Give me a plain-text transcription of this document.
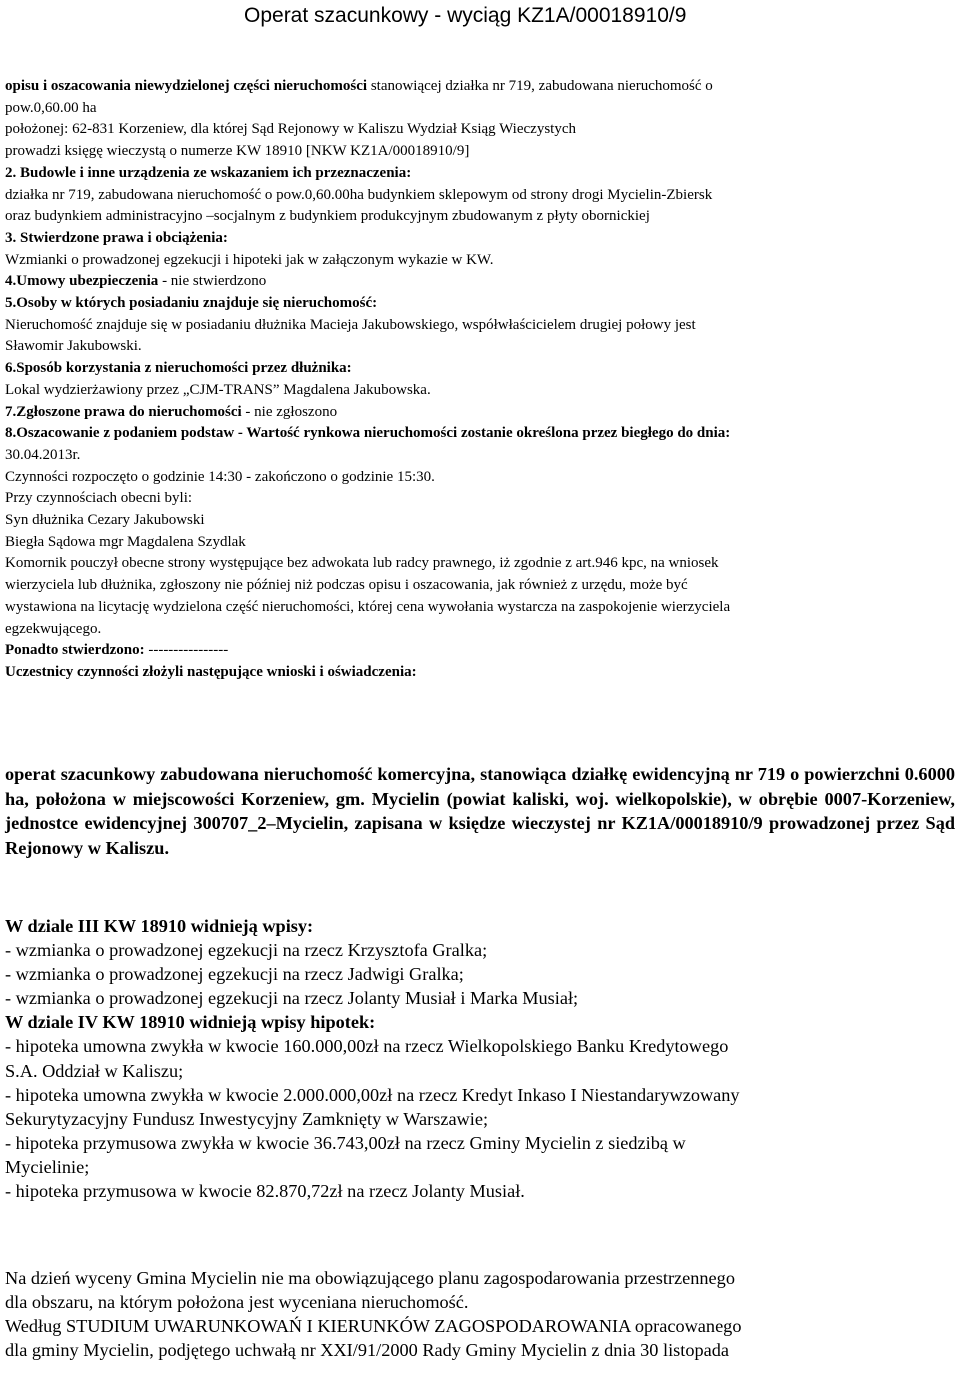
Operat szacunkowy - wyciąg KZ1A/00018910/9

opisu i oszacowania niewydzielonej części nieruchomości stanowiącej działka nr 719, zabudowana nieruchomość o

pow.0,60.00 ha

położonej: 62-831 Korzeniew, dla której Sąd Rejonowy w Kaliszu Wydział Ksiąg Wieczystych

prowadzi księgę wieczystą o numerze KW 18910 [NKW KZ1A/00018910/9]

2. Budowle i inne urządzenia ze wskazaniem ich przeznaczenia:

działka nr 719, zabudowana nieruchomość o pow.0,60.00ha budynkiem sklepowym od strony drogi Mycielin-Zbiersk

oraz budynkiem administracyjno –socjalnym z budynkiem produkcyjnym zbudowanym z płyty obornickiej

3. Stwierdzone prawa i obciążenia:

Wzmianki o prowadzonej egzekucji i hipoteki jak w załączonym wykazie w KW.

4.Umowy ubezpieczenia - nie stwierdzono

5.Osoby w których posiadaniu znajduje się nieruchomość:

Nieruchomość znajduje się w posiadaniu dłużnika Macieja Jakubowskiego, współwłaścicielem drugiej połowy jest

Sławomir Jakubowski.

6.Sposób korzystania z nieruchomości przez dłużnika:

Lokal wydzierżawiony przez „CJM-TRANS” Magdalena Jakubowska.

7.Zgłoszone prawa do nieruchomości - nie zgłoszono

8.Oszacowanie z podaniem podstaw - Wartość rynkowa nieruchomości zostanie określona przez biegłego do dnia:

30.04.2013r.

Czynności rozpoczęto o godzinie 14:30 - zakończono o godzinie 15:30.

Przy czynnościach obecni byli:

Syn dłużnika Cezary Jakubowski

Biegła Sądowa mgr Magdalena Szydlak

Komornik pouczył obecne strony występujące bez adwokata lub radcy prawnego, iż zgodnie z art.946 kpc, na wniosek

wierzyciela lub dłużnika, zgłoszony nie później niż podczas opisu i oszacowania, jak również z urzędu, może być

wystawiona na licytację wydzielona część nieruchomości, której cena wywołania wystarcza na zaspokojenie wierzyciela

egzekwującego.

Ponadto stwierdzono: ----------------

Uczestnicy czynności złożyli następujące wnioski i oświadczenia:

operat szacunkowy zabudowana nieruchomość komercyjna, stanowiąca działkę ewidencyjną nr 719 o powierzchni 0.6000 ha, położona w miejscowości Korzeniew, gm. Mycielin (powiat kaliski, woj. wielkopolskie), w obrębie 0007-Korzeniew, jednostce ewidencyjnej 300707_2–Mycielin, zapisana w księdze wieczystej nr KZ1A/00018910/9 prowadzonej przez Sąd Rejonowy w Kaliszu.

W dziale III KW 18910 widnieją wpisy:

- wzmianka o prowadzonej egzekucji na rzecz Krzysztofa Gralka;

- wzmianka o prowadzonej egzekucji na rzecz Jadwigi Gralka;

- wzmianka o prowadzonej egzekucji na rzecz Jolanty Musiał i Marka Musiał;

W dziale IV KW 18910 widnieją wpisy hipotek:

- hipoteka umowna zwykła w kwocie 160.000,00zł na rzecz Wielkopolskiego Banku Kredytowego

S.A. Oddział w Kaliszu;

- hipoteka umowna zwykła w kwocie 2.000.000,00zł na rzecz Kredyt Inkaso I Niestandarywzowany

Sekurytyzacyjny Fundusz Inwestycyjny Zamknięty w Warszawie;

- hipoteka przymusowa zwykła w kwocie 36.743,00zł na rzecz Gminy Mycielin z siedzibą w

Mycielinie;

- hipoteka przymusowa w kwocie 82.870,72zł na rzecz Jolanty Musiał.

Na dzień wyceny Gmina Mycielin nie ma obowiązującego planu zagospodarowania przestrzennego

dla obszaru, na którym położona jest wyceniana nieruchomość.

Według STUDIUM UWARUNKOWAŃ I KIERUNKÓW ZAGOSPODAROWANIA opracowanego

dla gminy Mycielin, podjętego uchwałą nr XXI/91/2000 Rady Gminy Mycielin z dnia 30 listopada
